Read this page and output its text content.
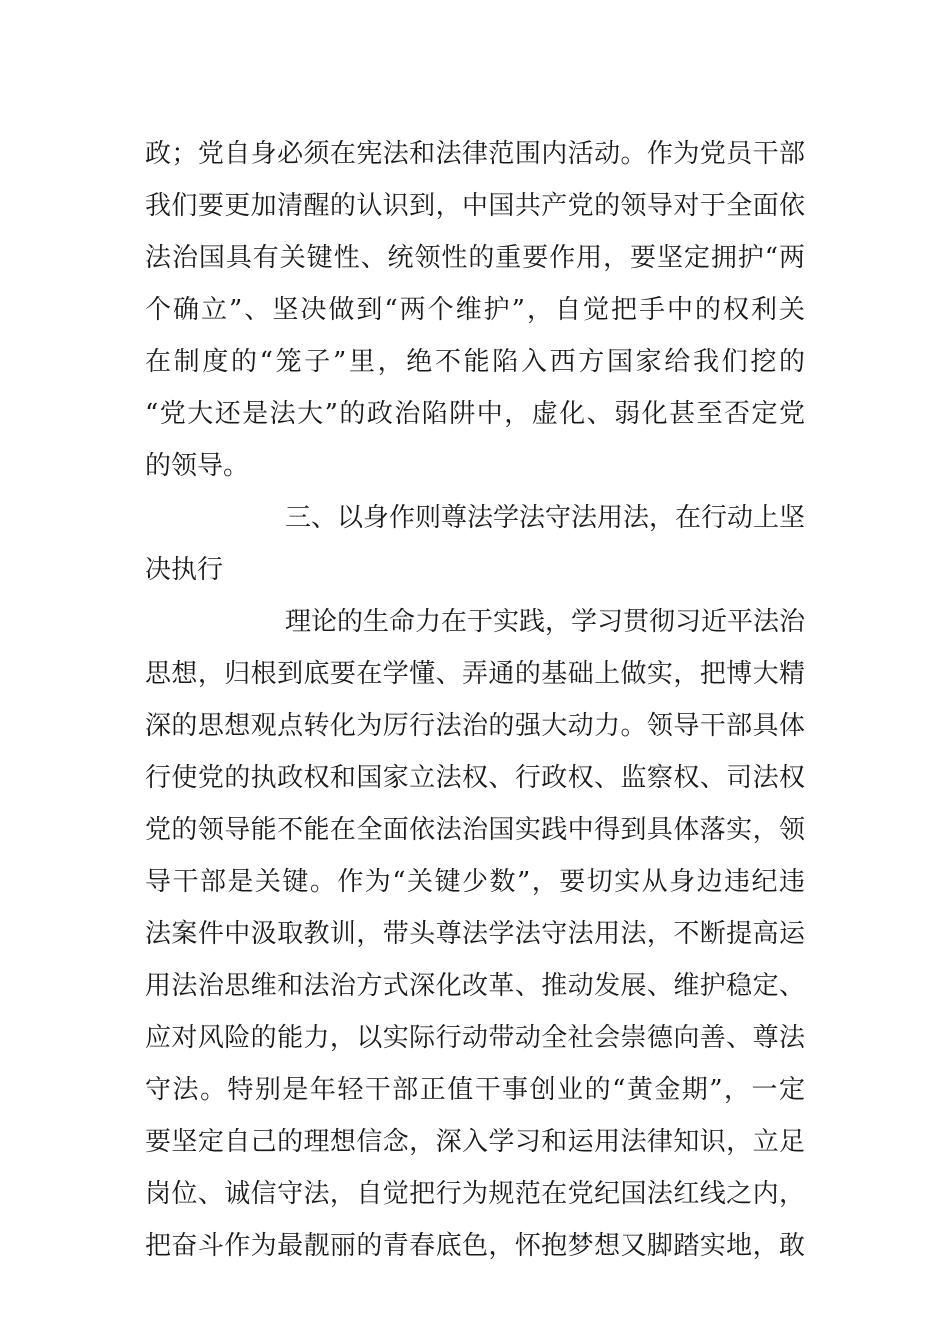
政；党自身必须在宪法和法律范围内活动。作为党员干部
我们要更加清醒的认识到，中国共产党的领导对于全面依
法治国具有关键性、统领性的重要作用，要坚定拥护“两
个确立”、坚决做到“两个维护”，自觉把手中的权利关
在制度的“笼子”里，绝不能陷入西方国家给我们挖的
“党大还是法大”的政治陷阱中，虚化、弱化甚至否定党
的领导。
三、以身作则尊法学法守法用法，在行动上坚
决执行
理论的生命力在于实践，学习贯彻习近平法治
思想，归根到底要在学懂、弄通的基础上做实，把博大精
深的思想观点转化为厉行法治的强大动力。领导干部具体
行使党的执政权和国家立法权、行政权、监察权、司法权
党的领导能不能在全面依法治国实践中得到具体落实，领
导干部是关键。作为“关键少数”，要切实从身边违纪违
法案件中汲取教训，带头尊法学法守法用法，不断提高运
用法治思维和法治方式深化改革、推动发展、维护稳定、
应对风险的能力，以实际行动带动全社会崇德向善、尊法
守法。特别是年轻干部正值干事创业的“黄金期”，一定
要坚定自己的理想信念，深入学习和运用法律知识，立足
岗位、诚信守法，自觉把行为规范在党纪国法红线之内，
把奋斗作为最靓丽的青春底色，怀抱梦想又脚踏实地，敢
